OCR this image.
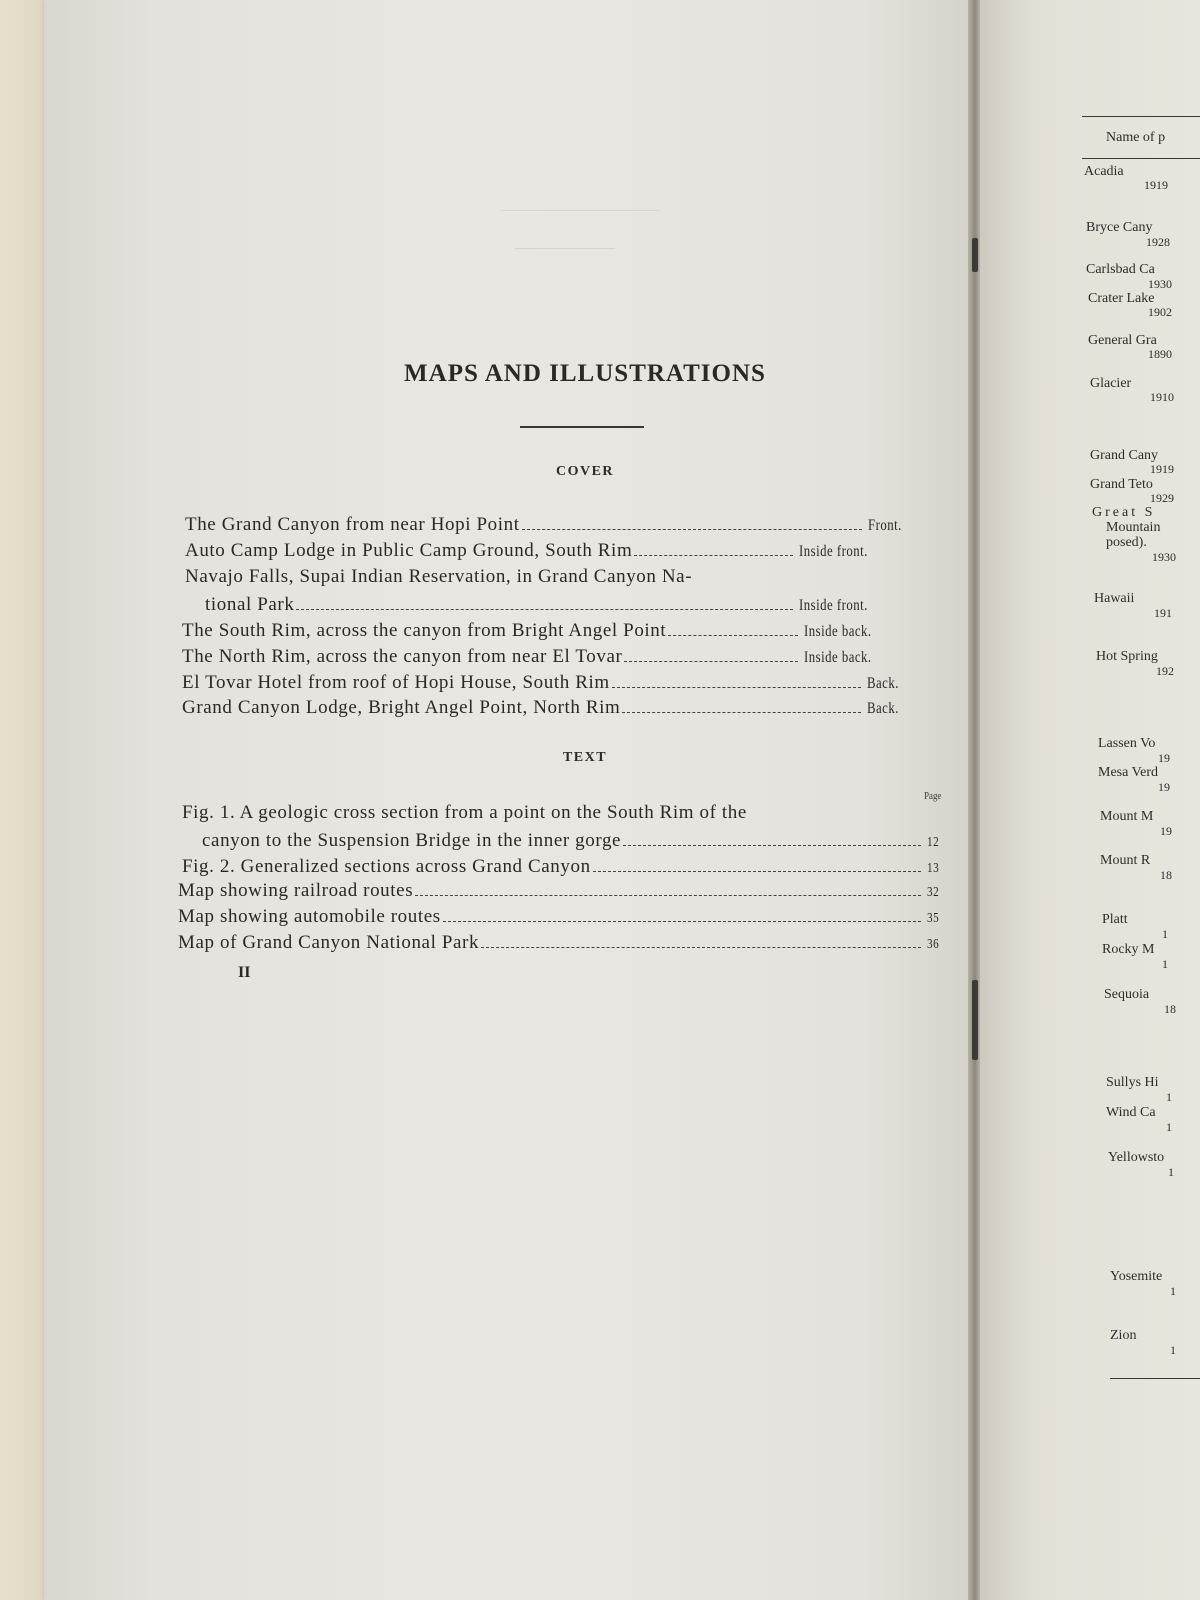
MAPS AND ILLUSTRATIONS
COVER
The Grand Canyon from near Hopi Point	Front.
Auto Camp Lodge in Public Camp Ground, South Rim	Inside front.
Navajo Falls, Supai Indian Reservation, in Grand Canyon Na-
tional Park	Inside front.
The South Rim, across the canyon from Bright Angel Point	Inside back.
The North Rim, across the canyon from near El Tovar	Inside back.
El Tovar Hotel from roof of Hopi House, South Rim	Back.
Grand Canyon Lodge, Bright Angel Point, North Rim	Back.
TEXT
Page
Fig. 1. A geologic cross section from a point on the South Rim of the
canyon to the Suspension Bridge in the inner gorge	12
Fig. 2. Generalized sections across Grand Canyon	13
Map showing railroad routes	32
Map showing automobile routes	35
Map of Grand Canyon National Park	36
II
Name of p
Acadia
1919
Bryce Cany
1928
Carlsbad Ca
1930
Crater Lake
1902
General Gra
1890
Glacier
1910
Grand Cany
1919
Grand Teto
1929
Great S
Mountain
posed).
1930
Hawaii
191
Hot Spring
192
Lassen Vo
19
Mesa Verd
19
Mount M
19
Mount R
18
Platt
1
Rocky M
1
Sequoia
18
Sullys Hi
1
Wind Ca
1
Yellowsto
1
Yosemite
1
Zion
1
